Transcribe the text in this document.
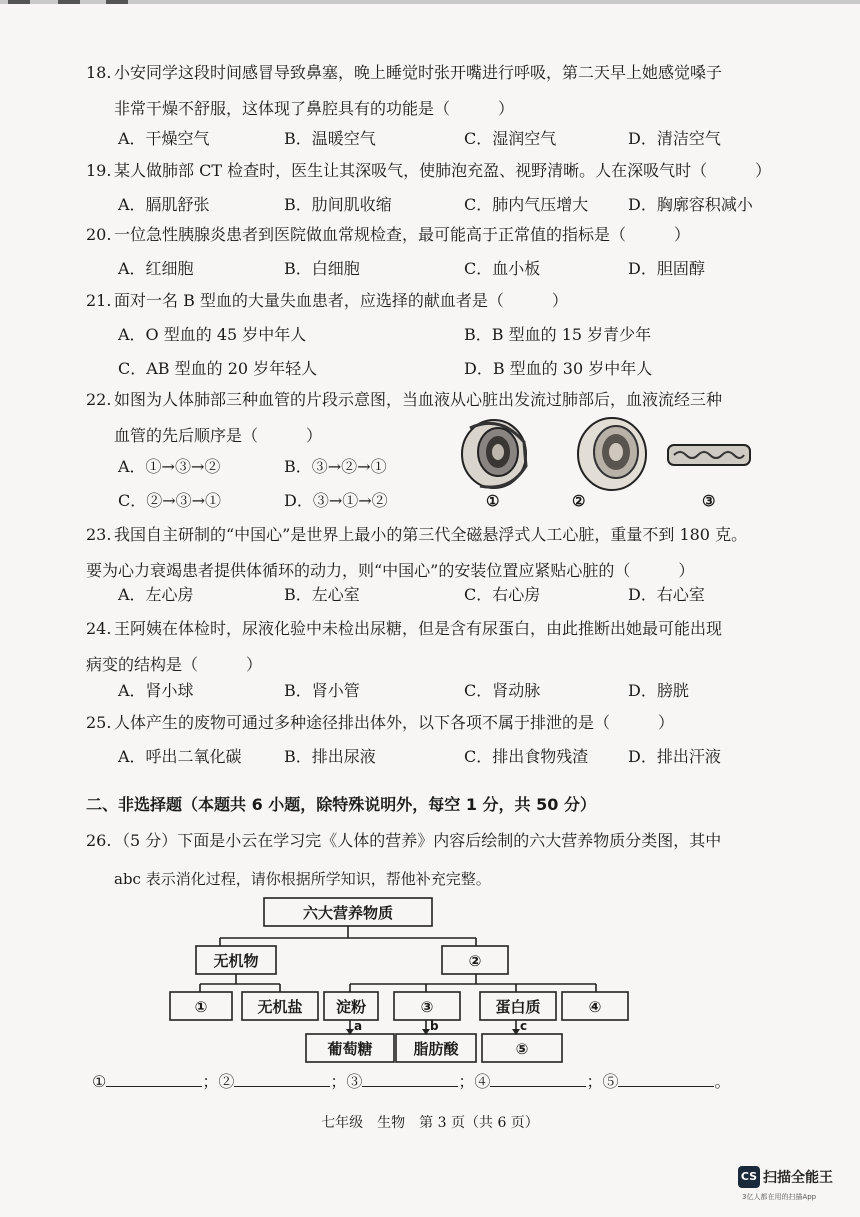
18. 小安同学这段时间感冒导致鼻塞，晚上睡觉时张开嘴进行呼吸，第二天早上她感觉嗓子
非常干燥不舒服，这体现了鼻腔具有的功能是（　　　）
A．干燥空气	B．温暖空气	C．湿润空气	D．清洁空气
19. 某人做肺部 CT 检查时，医生让其深吸气，使肺泡充盈、视野清晰。人在深吸气时（　　　）
A．膈肌舒张	B．肋间肌收缩	C．肺内气压增大 D．胸廓容积减小
20. 一位急性胰腺炎患者到医院做血常规检查，最可能高于正常值的指标是（　　　）
A．红细胞	B．白细胞	C．血小板	D．胆固醇
21. 面对一名 B 型血的大量失血患者，应选择的献血者是（　　　）
A．O 型血的 45 岁中年人	B．B 型血的 15 岁青少年
C．AB 型血的 20 岁年轻人	D．B 型血的 30 岁中年人
22. 如图为人体肺部三种血管的片段示意图，当血液从心脏出发流过肺部后，血液流经三种
血管的先后顺序是（　　　）
A．①→③→②	B．③→②→①
C．②→③→①	D．③→①→②	①	②	③
23. 我国自主研制的“中国心”是世界上最小的第三代全磁悬浮式人工心脏，重量不到 180 克。
要为心力衰竭患者提供体循环的动力，则“中国心”的安装位置应紧贴心脏的（　　　）
A．左心房	B．左心室	C．右心房	D．右心室
24. 王阿姨在体检时，尿液化验中未检出尿糖，但是含有尿蛋白，由此推断出她最可能出现
病变的结构是（　　　）
A．肾小球	B．肾小管	C．肾动脉	D．膀胱
25. 人体产生的废物可通过多种途径排出体外，以下各项不属于排泄的是（　　　）
A．呼出二氧化碳	B．排出尿液	C．排出食物残渣 D．排出汗液
二、非选择题（本题共 6 小题，除特殊说明外，每空 1 分，共 50 分）
26. （5 分）下面是小云在学习完《人体的营养》内容后绘制的六大营养物质分类图，其中
abc 表示消化过程，请你根据所学知识，帮他补充完整。
六大营养物质
无机物	②
①	无机盐 淀粉	③	蛋白质	④
葡萄糖	脂肪酸	⑤
a	b	c
①	；②	；③	；④	；⑤	。
七年级　生物　第 3 页（共 6 页）
CS 扫描全能王
3亿人都在用的扫描App
